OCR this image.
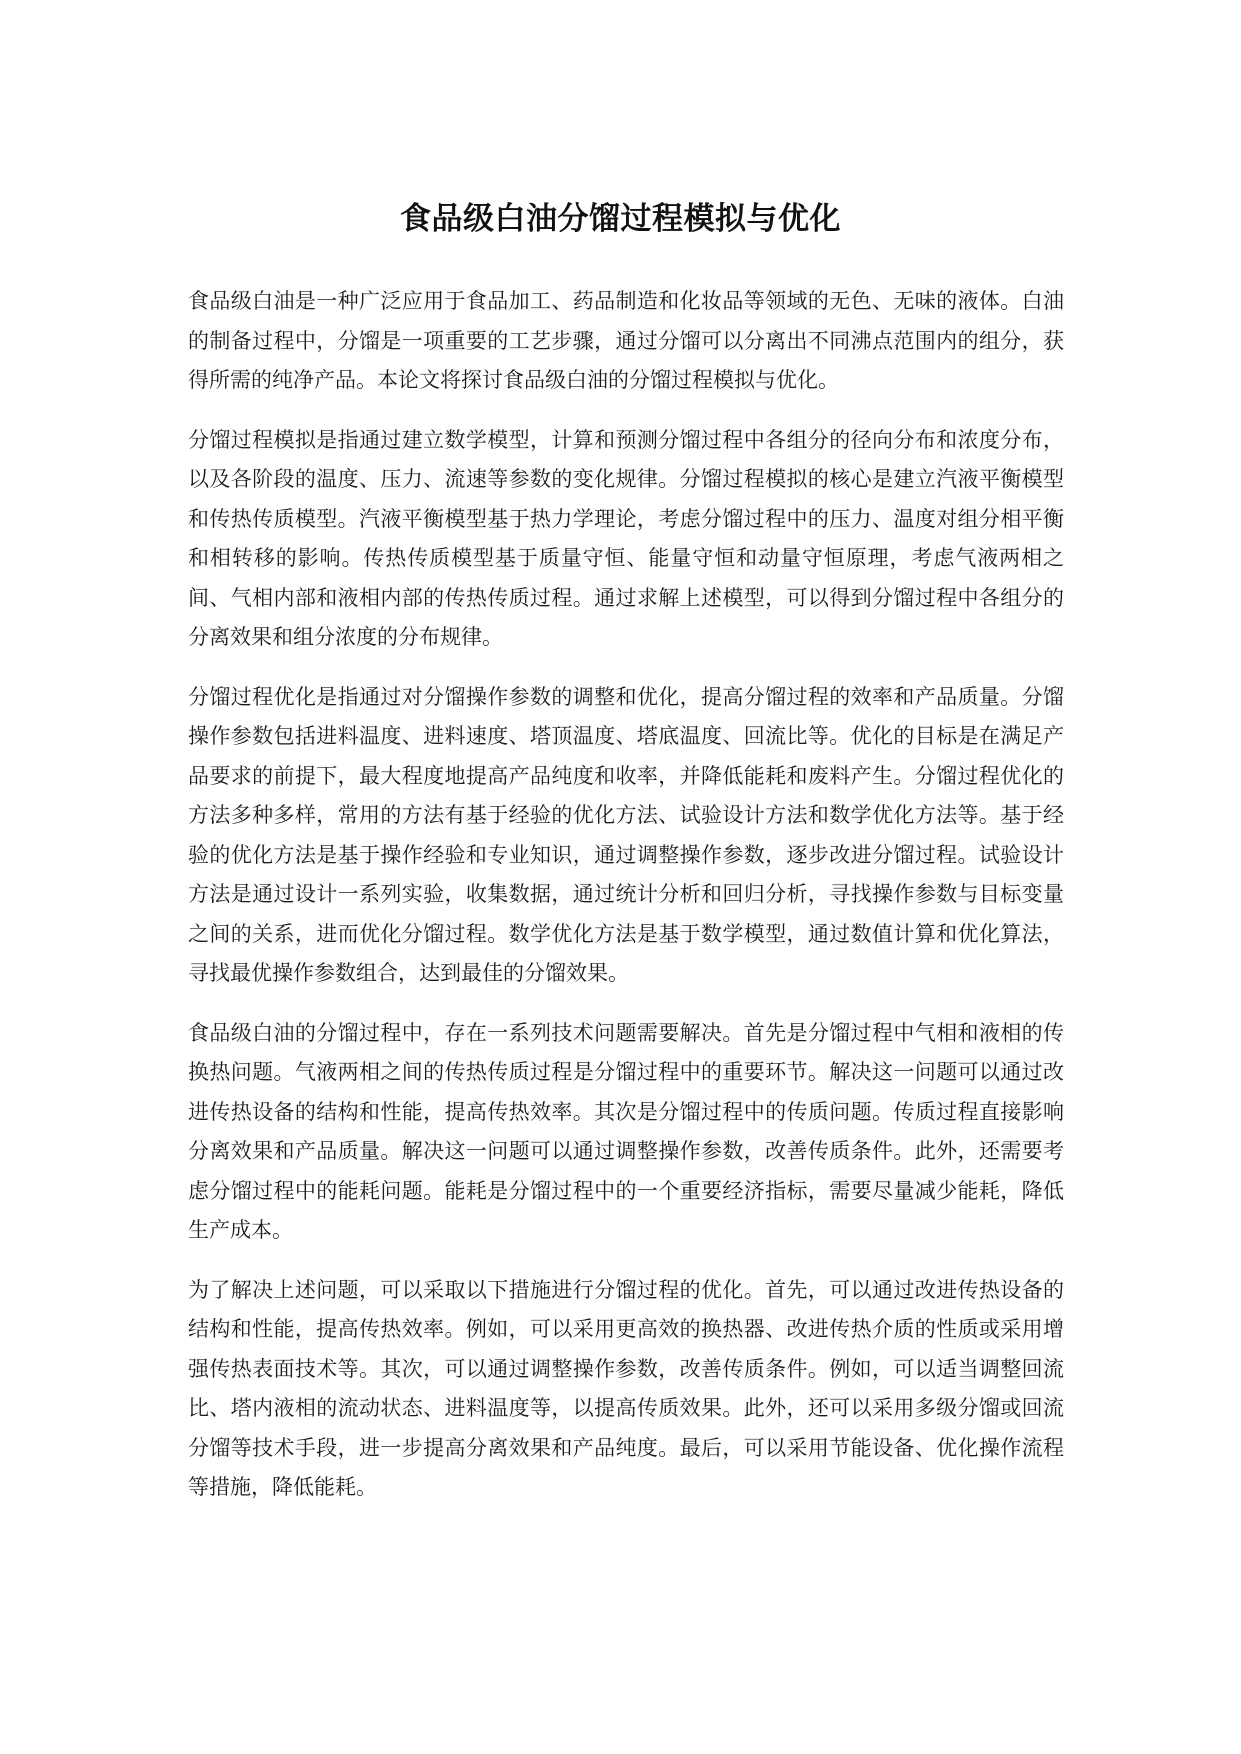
食品级白油分馏过程模拟与优化

食品级白油是一种广泛应用于食品加工、药品制造和化妆品等领域的无色、无味的液体。白油的制备过程中，分馏是一项重要的工艺步骤，通过分馏可以分离出不同沸点范围内的组分，获得所需的纯净产品。本论文将探讨食品级白油的分馏过程模拟与优化。

分馏过程模拟是指通过建立数学模型，计算和预测分馏过程中各组分的径向分布和浓度分布，以及各阶段的温度、压力、流速等参数的变化规律。分馏过程模拟的核心是建立汽液平衡模型和传热传质模型。汽液平衡模型基于热力学理论，考虑分馏过程中的压力、温度对组分相平衡和相转移的影响。传热传质模型基于质量守恒、能量守恒和动量守恒原理，考虑气液两相之间、气相内部和液相内部的传热传质过程。通过求解上述模型，可以得到分馏过程中各组分的分离效果和组分浓度的分布规律。

分馏过程优化是指通过对分馏操作参数的调整和优化，提高分馏过程的效率和产品质量。分馏操作参数包括进料温度、进料速度、塔顶温度、塔底温度、回流比等。优化的目标是在满足产品要求的前提下，最大程度地提高产品纯度和收率，并降低能耗和废料产生。分馏过程优化的方法多种多样，常用的方法有基于经验的优化方法、试验设计方法和数学优化方法等。基于经验的优化方法是基于操作经验和专业知识，通过调整操作参数，逐步改进分馏过程。试验设计方法是通过设计一系列实验，收集数据，通过统计分析和回归分析，寻找操作参数与目标变量之间的关系，进而优化分馏过程。数学优化方法是基于数学模型，通过数值计算和优化算法，寻找最优操作参数组合，达到最佳的分馏效果。

食品级白油的分馏过程中，存在一系列技术问题需要解决。首先是分馏过程中气相和液相的传换热问题。气液两相之间的传热传质过程是分馏过程中的重要环节。解决这一问题可以通过改进传热设备的结构和性能，提高传热效率。其次是分馏过程中的传质问题。传质过程直接影响分离效果和产品质量。解决这一问题可以通过调整操作参数，改善传质条件。此外，还需要考虑分馏过程中的能耗问题。能耗是分馏过程中的一个重要经济指标，需要尽量减少能耗，降低生产成本。

为了解决上述问题，可以采取以下措施进行分馏过程的优化。首先，可以通过改进传热设备的结构和性能，提高传热效率。例如，可以采用更高效的换热器、改进传热介质的性质或采用增强传热表面技术等。其次，可以通过调整操作参数，改善传质条件。例如，可以适当调整回流比、塔内液相的流动状态、进料温度等，以提高传质效果。此外，还可以采用多级分馏或回流分馏等技术手段，进一步提高分离效果和产品纯度。最后，可以采用节能设备、优化操作流程等措施，降低能耗。
